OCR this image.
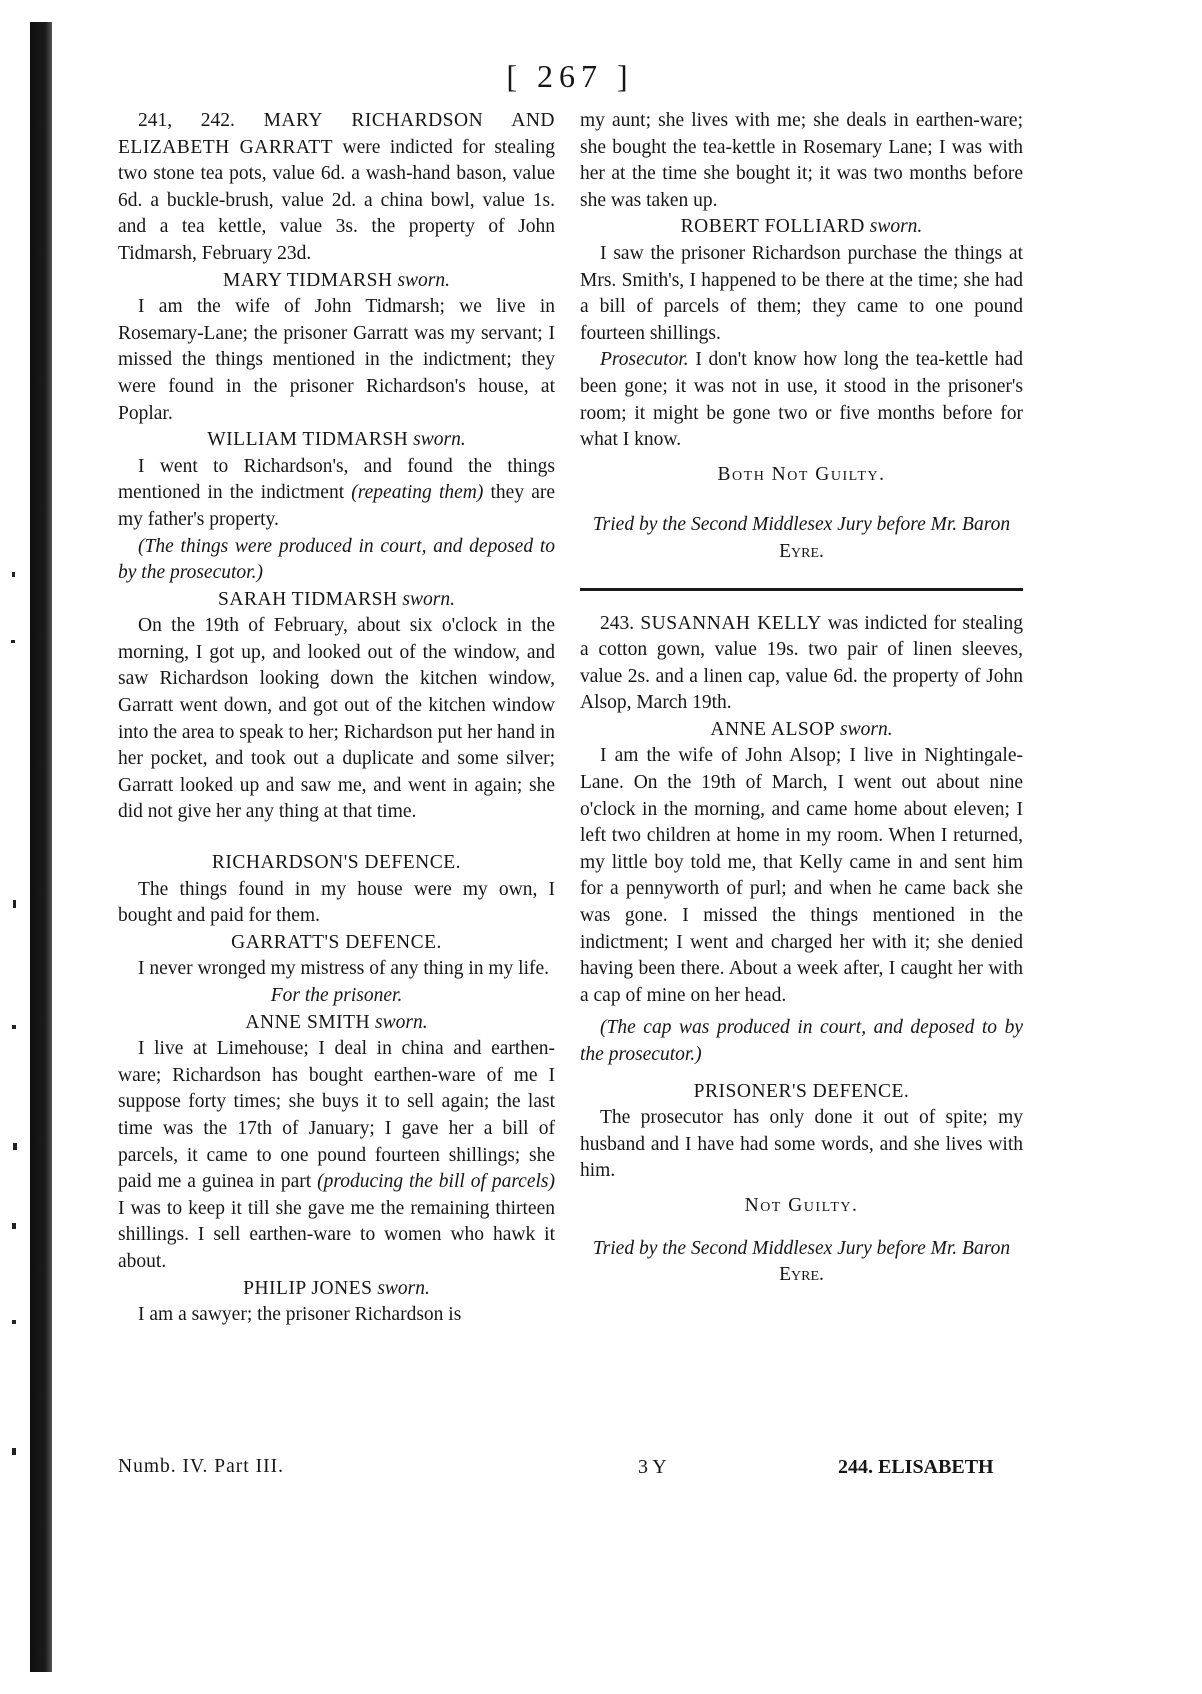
[ 267 ]

241, 242. MARY RICHARDSON AND ELIZABETH GARRATT were indicted for stealing two stone tea pots, value 6d. a wash-hand bason, value 6d. a buckle-brush, value 2d. a china bowl, value 1s. and a tea kettle, value 3s. the property of John Tidmarsh, February 23d.

MARY TIDMARSH sworn.

I am the wife of John Tidmarsh; we live in Rosemary-Lane; the prisoner Garratt was my servant; I missed the things mentioned in the indictment; they were found in the prisoner Richardson's house, at Poplar.

WILLIAM TIDMARSH sworn.

I went to Richardson's, and found the things mentioned in the indictment (repeating them) they are my father's property.

(The things were produced in court, and deposed to by the prosecutor.)

SARAH TIDMARSH sworn.

On the 19th of February, about six o'clock in the morning, I got up, and looked out of the window, and saw Richardson looking down the kitchen window, Garratt went down, and got out of the kitchen window into the area to speak to her; Richardson put her hand in her pocket, and took out a duplicate and some silver; Garratt looked up and saw me, and went in again; she did not give her any thing at that time.

RICHARDSON'S DEFENCE.

The things found in my house were my own, I bought and paid for them.

GARRATT'S DEFENCE.

I never wronged my mistress of any thing in my life.

For the prisoner.

ANNE SMITH sworn.

I live at Limehouse; I deal in china and earthen-ware; Richardson has bought earthen-ware of me I suppose forty times; she buys it to sell again; the last time was the 17th of January; I gave her a bill of parcels, it came to one pound fourteen shillings; she paid me a guinea in part (producing the bill of parcels) I was to keep it till she gave me the remaining thirteen shillings. I sell earthen-ware to women who hawk it about.

PHILIP JONES sworn.

I am a sawyer; the prisoner Richardson is

my aunt; she lives with me; she deals in earthen-ware; she bought the tea-kettle in Rosemary Lane; I was with her at the time she bought it; it was two months before she was taken up.

ROBERT FOLLIARD sworn.

I saw the prisoner Richardson purchase the things at Mrs. Smith's, I happened to be there at the time; she had a bill of parcels of them; they came to one pound fourteen shillings.

Prosecutor. I don't know how long the tea-kettle had been gone; it was not in use, it stood in the prisoner's room; it might be gone two or five months before for what I know.

Both Not Guilty.

Tried by the Second Middlesex Jury before Mr. Baron Eyre.

243. SUSANNAH KELLY was indicted for stealing a cotton gown, value 19s. two pair of linen sleeves, value 2s. and a linen cap, value 6d. the property of John Alsop, March 19th.

ANNE ALSOP sworn.

I am the wife of John Alsop; I live in Nightingale-Lane. On the 19th of March, I went out about nine o'clock in the morning, and came home about eleven; I left two children at home in my room. When I returned, my little boy told me, that Kelly came in and sent him for a pennyworth of purl; and when he came back she was gone. I missed the things mentioned in the indictment; I went and charged her with it; she denied having been there. About a week after, I caught her with a cap of mine on her head.

(The cap was produced in court, and deposed to by the prosecutor.)

PRISONER'S DEFENCE.

The prosecutor has only done it out of spite; my husband and I have had some words, and she lives with him.

Not Guilty.

Tried by the Second Middlesex Jury before Mr. Baron Eyre.

Numb. IV. Part III.	3 Y	244. ELISABETH
